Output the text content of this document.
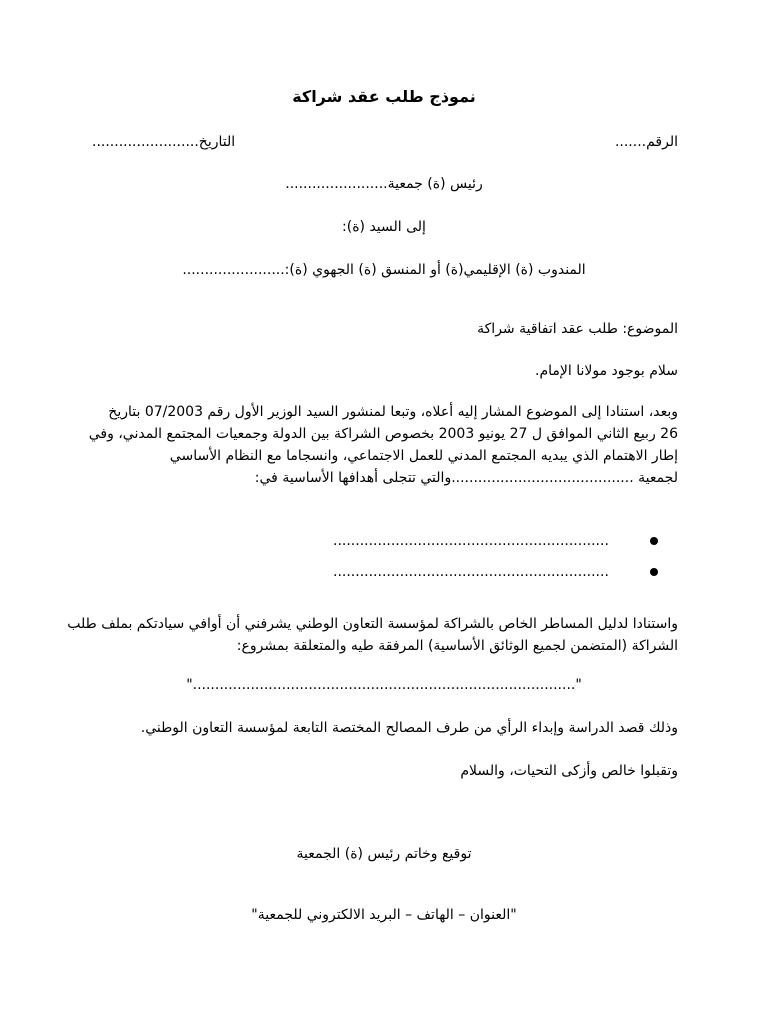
نموذج طلب عقد شراكة
الرقم.......
التاريخ........................
رئيس (ة) جمعية.......................
إلى السيد (ة):
المندوب (ة) الإقليمي(ة) أو المنسق (ة) الجهوي (ة):.......................
الموضوع: طلب عقد اتفاقية شراكة
سلام بوجود مولانا الإمام.
وبعد، استنادا إلى الموضوع المشار إليه أعلاه، وتبعا لمنشور السيد الوزير الأول رقم 07/2003 بتاريخ
26 ربيع الثاني الموافق ل 27 يونيو 2003 بخصوص الشراكة بين الدولة وجمعيات المجتمع المدني، وفي
إطار الاهتمام الذي يبديه المجتمع المدني للعمل الاجتماعي، وانسجاما مع النظام الأساسي
لجمعية .........................................والتي تتجلى أهدافها الأساسية في:
..............................................................
..............................................................
واستنادا لدليل المساطر الخاص بالشراكة لمؤسسة التعاون الوطني يشرفني أن أوافي سيادتكم بملف طلب
الشراكة (المتضمن لجميع الوثائق الأساسية) المرفقة طيه والمتعلقة بمشروع:
"......................................................................................"
وذلك قصد الدراسة وإبداء الرأي من طرف المصالح المختصة التابعة لمؤسسة التعاون الوطني.
وتقبلوا خالص وأزكى التحيات، والسلام
توقيع وخاتم رئيس (ة) الجمعية
"العنوان – الهاتف – البريد الالكتروني للجمعية"
